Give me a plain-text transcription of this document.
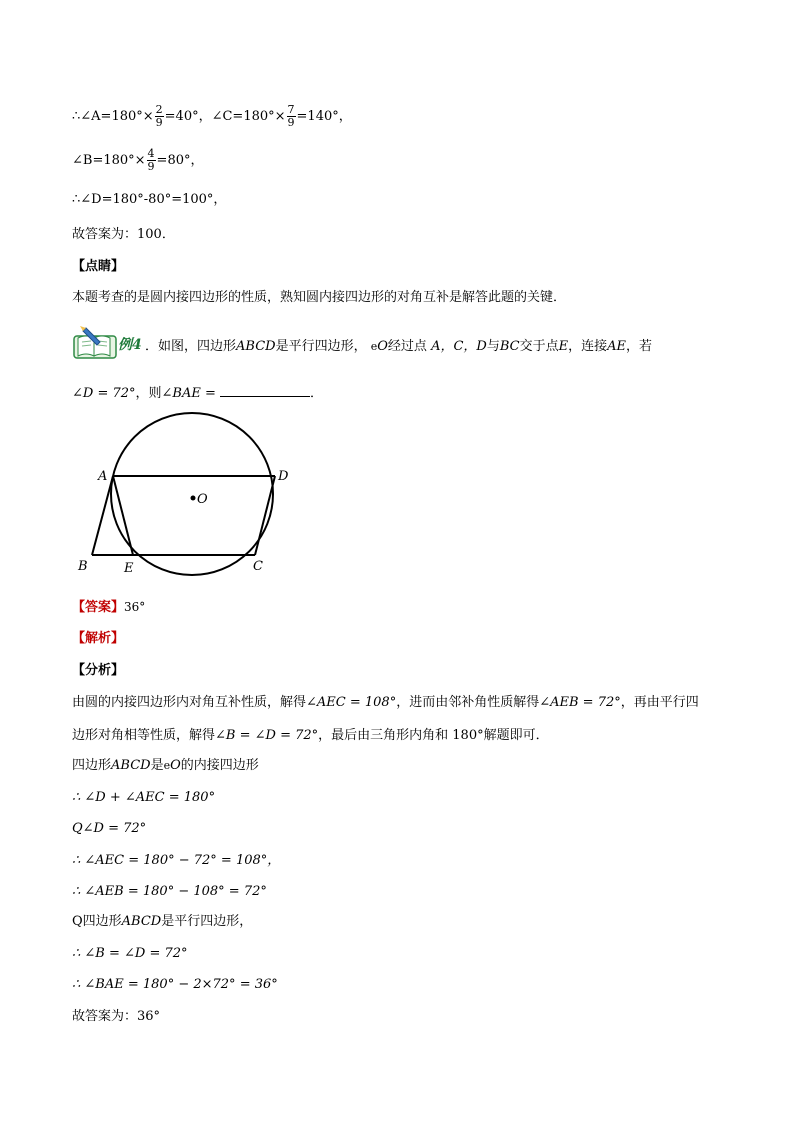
∴∠A=180°× $\frac{2}{9} =40^\circ$，∠C=180°× $\frac{7}{9} =140^\circ$，
∠B=180°× $\frac{4}{9} =80^\circ$，
∴∠D=180°-80°=100°，
故答案为：100．
【点睛】
本题考查的是圆内接四边形的性质，熟知圆内接四边形的对角互补是解答此题的关键．
例4 ．如图，四边形ABCD是平行四边形， eO经过点 A，C，D与BC交于点E，连接AE，若
∠D = 72°，则∠BAE =	．
A	D
O
B	E	C
【答案】36°
【解析】
【分析】
由圆的内接四边形内对角互补性质，解得∠AEC = 108°，进而由邻补角性质解得∠AEB = 72°，再由平行四
边形对角相等性质，解得∠B = ∠D = 72°，最后由三角形内角和 180°解题即可．
四边形ABCD是eO的内接四边形
∴ ∠D + ∠AEC = 180°
Q∠D = 72°
∴ ∠AEC = 180° − 72° = 108°，
∴ ∠AEB = 180° − 108° = 72°
Q四边形ABCD是平行四边形，
∴ ∠B = ∠D = 72°
∴ ∠BAE = 180° − 2×72° = 36°
故答案为：36°
